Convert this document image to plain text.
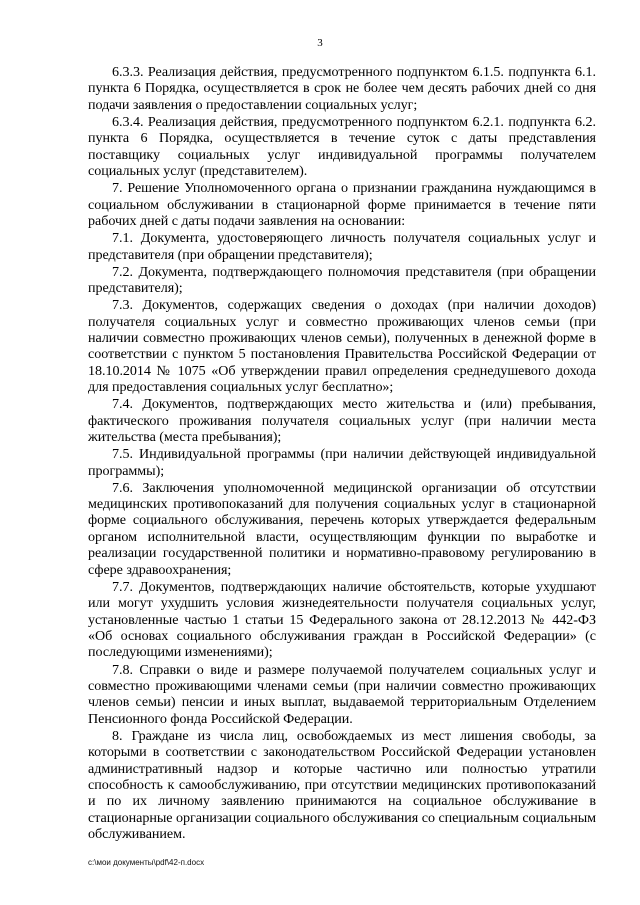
3

6.3.3. Реализация действия, предусмотренного подпунктом 6.1.5. подпункта 6.1. пункта 6 Порядка, осуществляется в срок не более чем десять рабочих дней со дня подачи заявления о предоставлении социальных услуг;

6.3.4. Реализация действия, предусмотренного подпунктом 6.2.1. подпункта 6.2. пункта 6 Порядка, осуществляется в течение суток с даты представления поставщику социальных услуг индивидуальной программы получателем социальных услуг (представителем).

7. Решение Уполномоченного органа о признании гражданина нуждающимся в социальном обслуживании в стационарной форме принимается в течение пяти рабочих дней с даты подачи заявления на основании:

7.1. Документа, удостоверяющего личность получателя социальных услуг и представителя (при обращении представителя);

7.2. Документа, подтверждающего полномочия представителя (при обращении представителя);

7.3. Документов, содержащих сведения о доходах (при наличии доходов) получателя социальных услуг и совместно проживающих членов семьи (при наличии совместно проживающих членов семьи), полученных в денежной форме в соответствии с пунктом 5 постановления Правительства Российской Федерации от 18.10.2014 № 1075 «Об утверждении правил определения среднедушевого дохода для предоставления социальных услуг бесплатно»;

7.4. Документов, подтверждающих место жительства и (или) пребывания, фактического проживания получателя социальных услуг (при наличии места жительства (места пребывания);

7.5. Индивидуальной программы (при наличии действующей индивидуальной программы);

7.6. Заключения уполномоченной медицинской организации об отсутствии медицинских противопоказаний для получения социальных услуг в стационарной форме социального обслуживания, перечень которых утверждается федеральным органом исполнительной власти, осуществляющим функции по выработке и реализации государственной политики и нормативно-правовому регулированию в сфере здравоохранения;

7.7. Документов, подтверждающих наличие обстоятельств, которые ухудшают или могут ухудшить условия жизнедеятельности получателя социальных услуг, установленные частью 1 статьи 15 Федерального закона от 28.12.2013 № 442-ФЗ «Об основах социального обслуживания граждан в Российской Федерации» (с последующими изменениями);

7.8. Справки о виде и размере получаемой получателем социальных услуг и совместно проживающими членами семьи (при наличии совместно проживающих членов семьи) пенсии и иных выплат, выдаваемой территориальным Отделением Пенсионного фонда Российской Федерации.

8. Граждане из числа лиц, освобождаемых из мест лишения свободы, за которыми в соответствии с законодательством Российской Федерации установлен административный надзор и которые частично или полностью утратили способность к самообслуживанию, при отсутствии медицинских противопоказаний и по их личному заявлению принимаются на социальное обслуживание в стационарные организации социального обслуживания со специальным социальным обслуживанием.

c:\мои документы\pdf\42-п.docx
